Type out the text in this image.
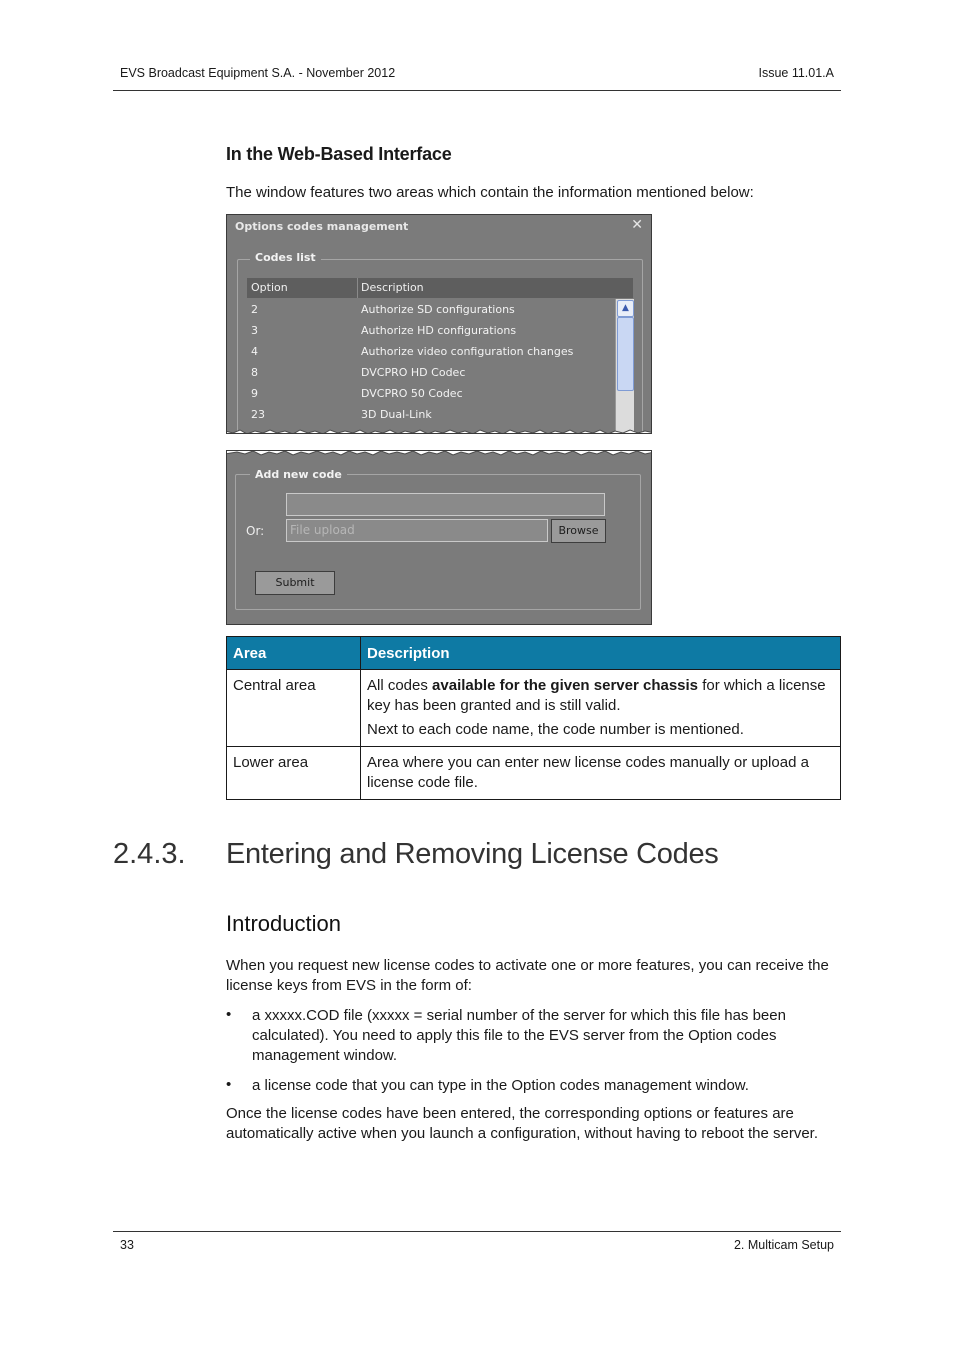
EVS Broadcast Equipment S.A. - November 2012	Issue 11.01.A
In the Web-Based Interface
The window features two areas which contain the information mentioned below:
Options codes management	✕
Codes list
Option	Description
2	Authorize SD configurations
3	Authorize HD configurations
4	Authorize video configuration changes
8	DVCPRO HD Codec
9	DVCPRO 50 Codec
23	3D Dual-Link
▲
Add new code
Or:	File upload	Browse
Submit
Area	Description
Central area	All codes available for the given server chassis for which a license key has been granted and is still valid.

Next to each code name, the code number is mentioned.

Lower area	Area where you can enter new license codes manually or upload a license code file.
2.4.3. Entering and Removing License Codes
Introduction
When you request new license codes to activate one or more features, you can receive the license keys from EVS in the form of:
• a xxxxx.COD file (xxxxx = serial number of the server for which this file has been calculated). You need to apply this file to the EVS server from the Option codes management window.
• a license code that you can type in the Option codes management window.
Once the license codes have been entered, the corresponding options or features are automatically active when you launch a configuration, without having to reboot the server.
33	2. Multicam Setup
